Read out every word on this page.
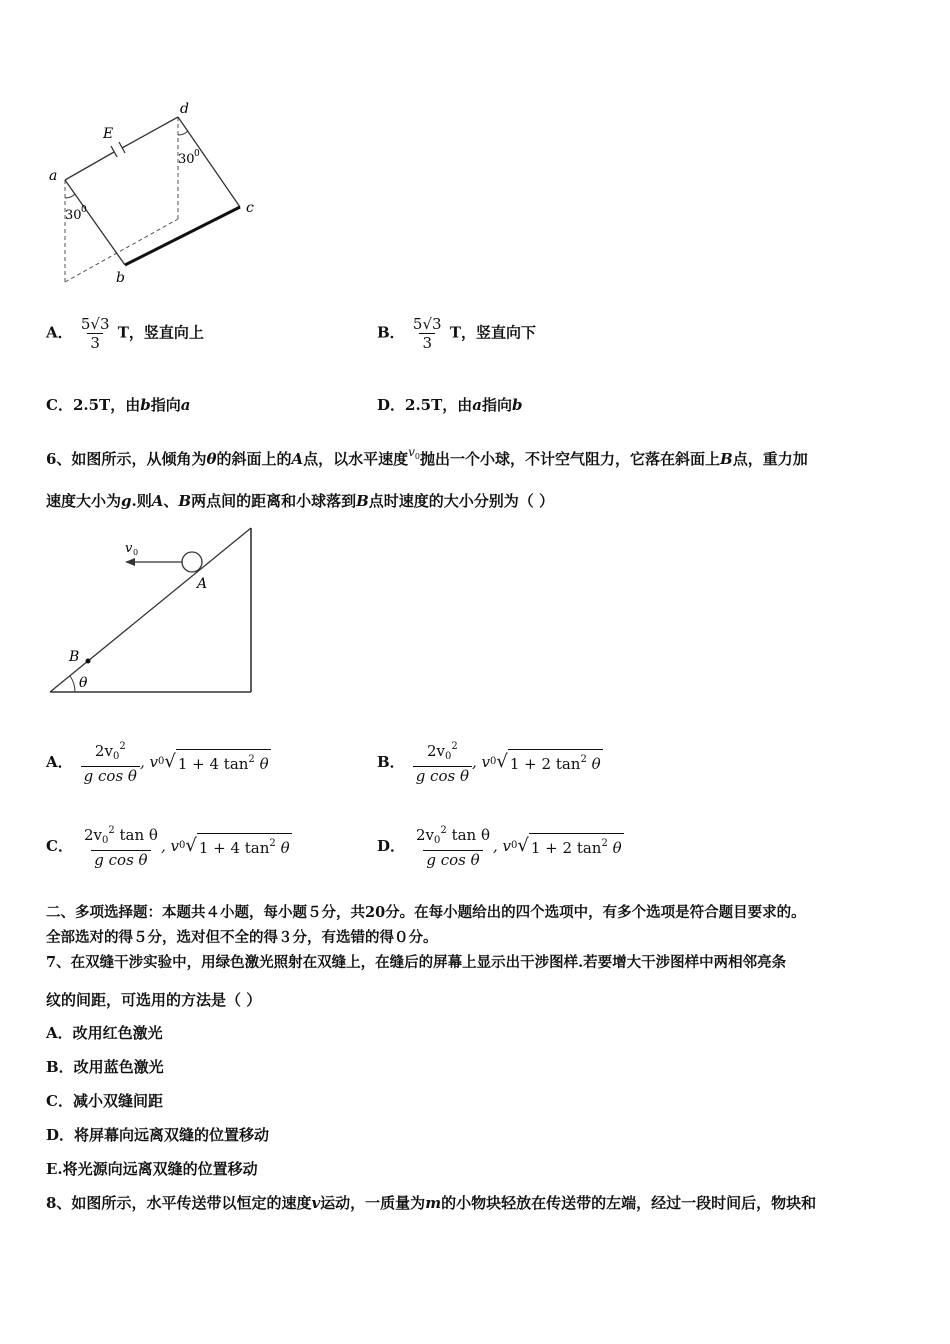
a
b
c
d
E
30 0
30 0
A． $\frac{5√3}{3}$ T，竖直向上	B． $\frac{5√3}{3}$ T，竖直向下
C．2.5T，由b指向a	D．2.5T，由a指向b
6、如图所示，从倾角为θ的斜面上的A点，以水平速度$^{v0}$抛出一个小球，不计空气阻力，它落在斜面上B点，重力加
速度大小为g.则A、B两点间的距离和小球落到B点时速度的大小分别为（ ）
v 0
A
B
θ
A． $\frac{2v_0^2}{\text{g cos θ}}$ , v 0 √ 1 + 4 $\tan^2 \theta$	B． $\frac{2v_0^2}{\text{g cos θ}}$ , v 0 √ 1 + 2 $\tan^2 \theta$
C． $\frac{2v_0^2 \tan \theta}{\text{g cos θ}}$ , v 0 √ 1 + 4 $\tan^2 \theta$	D． $\frac{2v_0^2 \tan \theta}{\text{g cos θ}}$ , v 0 √ 1 + 2 $\tan^2 \theta$
二、多项选择题：本题共４小题，每小题５分，共20分。在每小题给出的四个选项中，有多个选项是符合题目要求的。
全部选对的得５分，选对但不全的得３分，有选错的得０分。
7、在双缝干涉实验中，用绿色激光照射在双缝上，在缝后的屏幕上显示出干涉图样.若要增大干涉图样中两相邻亮条
纹的间距，可选用的方法是（ ）
A．改用红色激光
B．改用蓝色激光
C．减小双缝间距
D．将屏幕向远离双缝的位置移动
E.将光源向远离双缝的位置移动
8、如图所示，水平传送带以恒定的速度v运动，一质量为m的小物块轻放在传送带的左端，经过一段时间后，物块和
